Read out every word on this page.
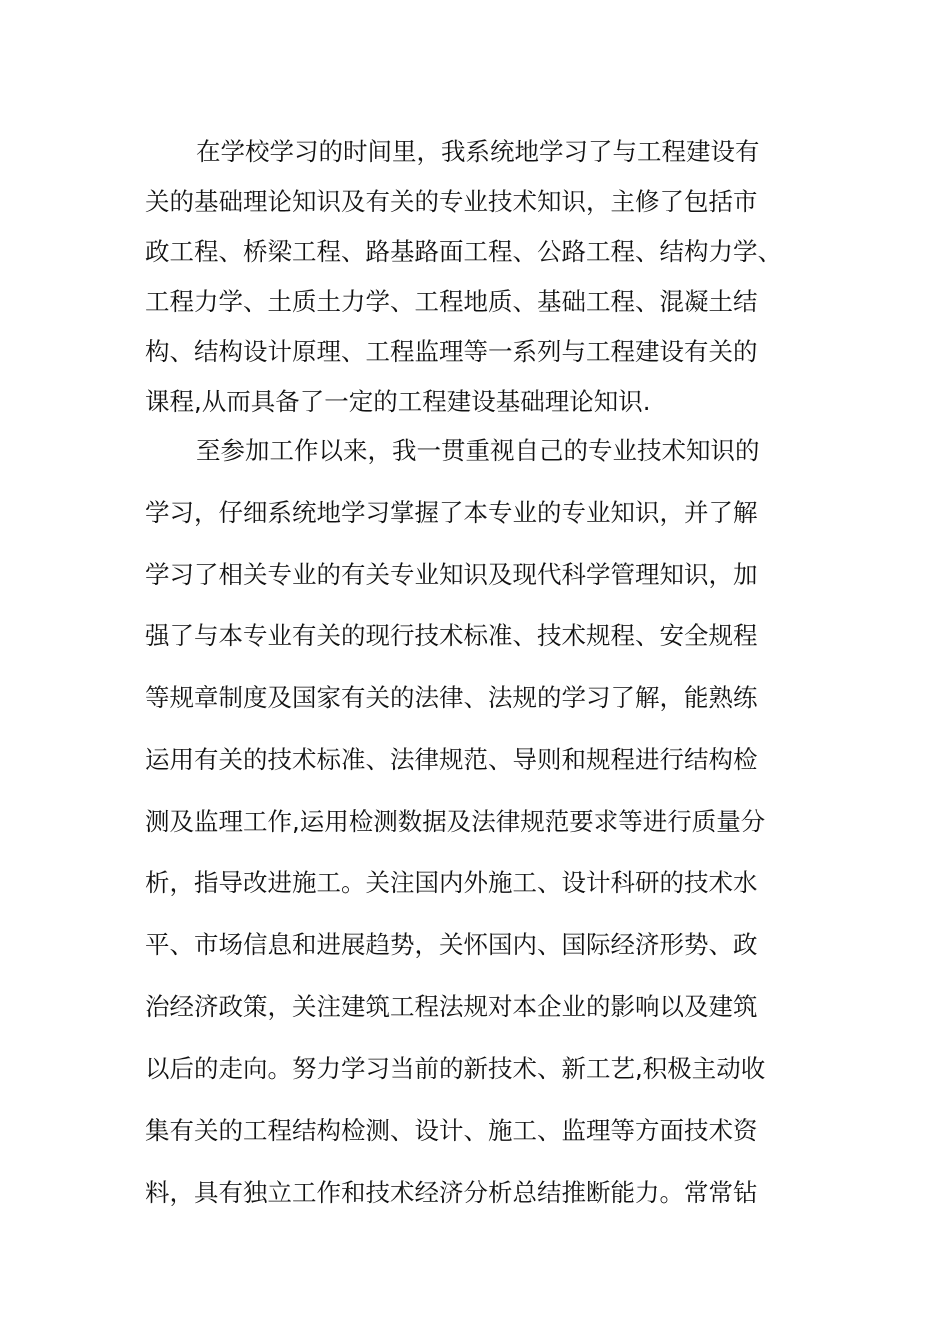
在学校学习的时间里，我系统地学习了与工程建设有
关的基础理论知识及有关的专业技术知识，主修了包括市
政工程、桥梁工程、路基路面工程、公路工程、结构力学、
工程力学、土质土力学、工程地质、基础工程、混凝土结
构、结构设计原理、工程监理等一系列与工程建设有关的
课程,从而具备了一定的工程建设基础理论知识.
至参加工作以来，我一贯重视自己的专业技术知识的
学习，仔细系统地学习掌握了本专业的专业知识，并了解
学习了相关专业的有关专业知识及现代科学管理知识，加
强了与本专业有关的现行技术标准、技术规程、安全规程
等规章制度及国家有关的法律、法规的学习了解，能熟练
运用有关的技术标准、法律规范、导则和规程进行结构检
测及监理工作,运用检测数据及法律规范要求等进行质量分
析，指导改进施工。关注国内外施工、设计科研的技术水
平、市场信息和进展趋势，关怀国内、国际经济形势、政
治经济政策，关注建筑工程法规对本企业的影响以及建筑
以后的走向。努力学习当前的新技术、新工艺,积极主动收
集有关的工程结构检测、设计、施工、监理等方面技术资
料，具有独立工作和技术经济分析总结推断能力。常常钻
